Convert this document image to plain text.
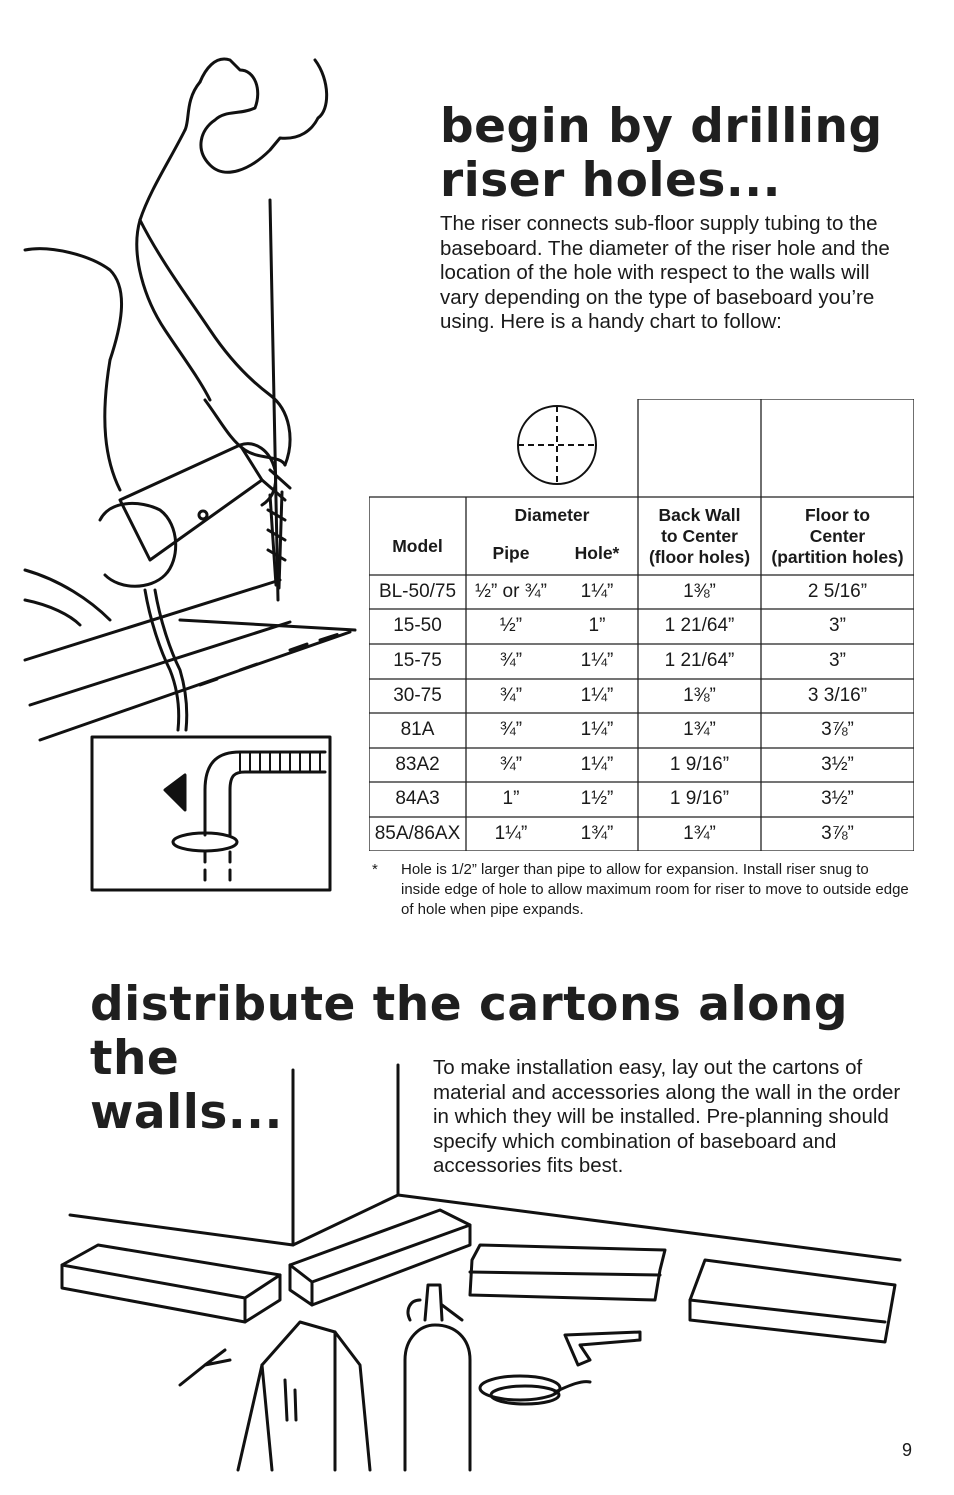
begin by drilling
riser holes...
The riser connects sub-floor supply tubing to the baseboard. The diameter of the riser hole and the location of the hole with respect to the walls will vary depending on the type of baseboard you’re using. Here is a handy chart to follow:
Model
Diameter
Pipe	Hole*
Back Wall
to Center
(floor holes)
Floor to
Center
(partition holes)
BL-50/75	½” or ¾”	1¼”	1⅜”	2 5/16”
15-50	½”	1”	1 21/64”	3”
15-75	¾”	1¼”	1 21/64”	3”
30-75	¾”	1¼”	1⅜”	3 3/16”
81A	¾”	1¼”	1¾”	3⅞”
83A2	¾”	1¼”	1 9/16”	3½”
84A3	1”	1½”	1 9/16”	3½”
85A/86AX	1¼”	1¾”	1¾”	3⅞”
*	Hole is 1/2” larger than pipe to allow for expansion. Install riser snug to inside edge of hole to allow maximum room for riser to move to outside edge of hole when pipe expands.
distribute the cartons along the
walls...
To make installation easy, lay out the cartons of material and accessories along the wall in the order in which they will be installed. Pre-planning should specify which combination of baseboard and accessories fits best.
9
